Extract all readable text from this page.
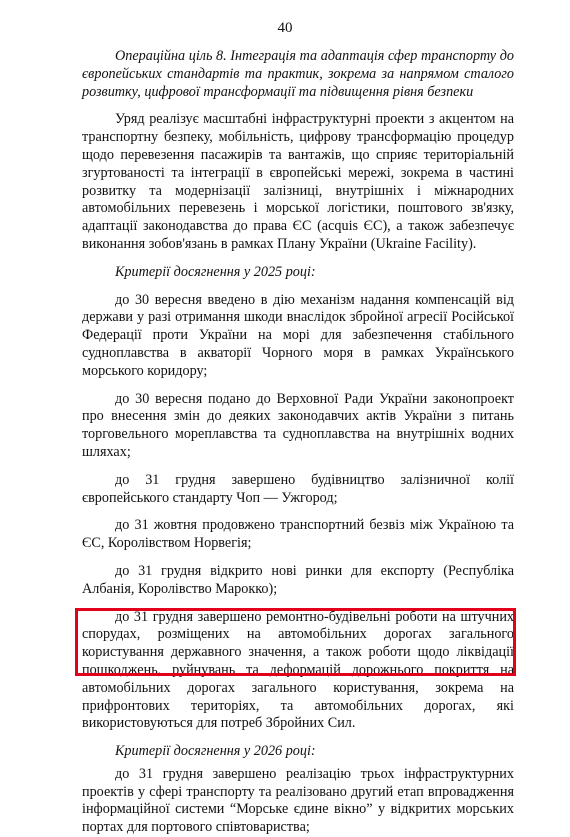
40

Операційна ціль 8. Інтеграція та адаптація сфер транспорту до європейських стандартів та практик, зокрема за напрямом сталого розвитку, цифрової трансформації та підвищення рівня безпеки

Уряд реалізує масштабні інфраструктурні проекти з акцентом на транспортну безпеку, мобільність, цифрову трансформацію процедур щодо перевезення пасажирів та вантажів, що сприяє територіальній згуртованості та інтеграції в європейські мережі, зокрема в частині розвитку та модернізації залізниці, внутрішніх і міжнародних автомобільних перевезень і морської логістики, поштового зв'язку, адаптації законодавства до права ЄС (acquis ЄС), а також забезпечує виконання зобов'язань в рамках Плану України (Ukraine Facility).

Критерії досягнення у 2025 році:

до 30 вересня введено в дію механізм надання компенсацій від держави у разі отримання шкоди внаслідок збройної агресії Російської Федерації проти України на морі для забезпечення стабільного судноплавства в акваторії Чорного моря в рамках Українського морського коридору;

до 30 вересня подано до Верховної Ради України законопроект про внесення змін до деяких законодавчих актів України з питань торговельного мореплавства та судноплавства на внутрішніх водних шляхах;

до 31 грудня завершено будівництво залізничної колії європейського стандарту Чоп — Ужгород;

до 31 жовтня продовжено транспортний безвіз між Україною та ЄС, Королівством Норвегія;

до 31 грудня відкрито нові ринки для експорту (Республіка Албанія, Королівство Марокко);

до 31 грудня завершено ремонтно-будівельні роботи на штучних спорудах, розміщених на автомобільних дорогах загального користування державного значення, а також роботи щодо ліквідації пошкоджень, руйнувань та деформацій дорожнього покриття на автомобільних дорогах загального користування, зокрема на прифронтових територіях, та автомобільних дорогах, які використовуються для потреб Збройних Сил.

Критерії досягнення у 2026 році:

до 31 грудня завершено реалізацію трьох інфраструктурних проектів у сфері транспорту та реалізовано другий етап впровадження інформаційної системи “Морське єдине вікно” у відкритих морських портах для портового співтовариства;
